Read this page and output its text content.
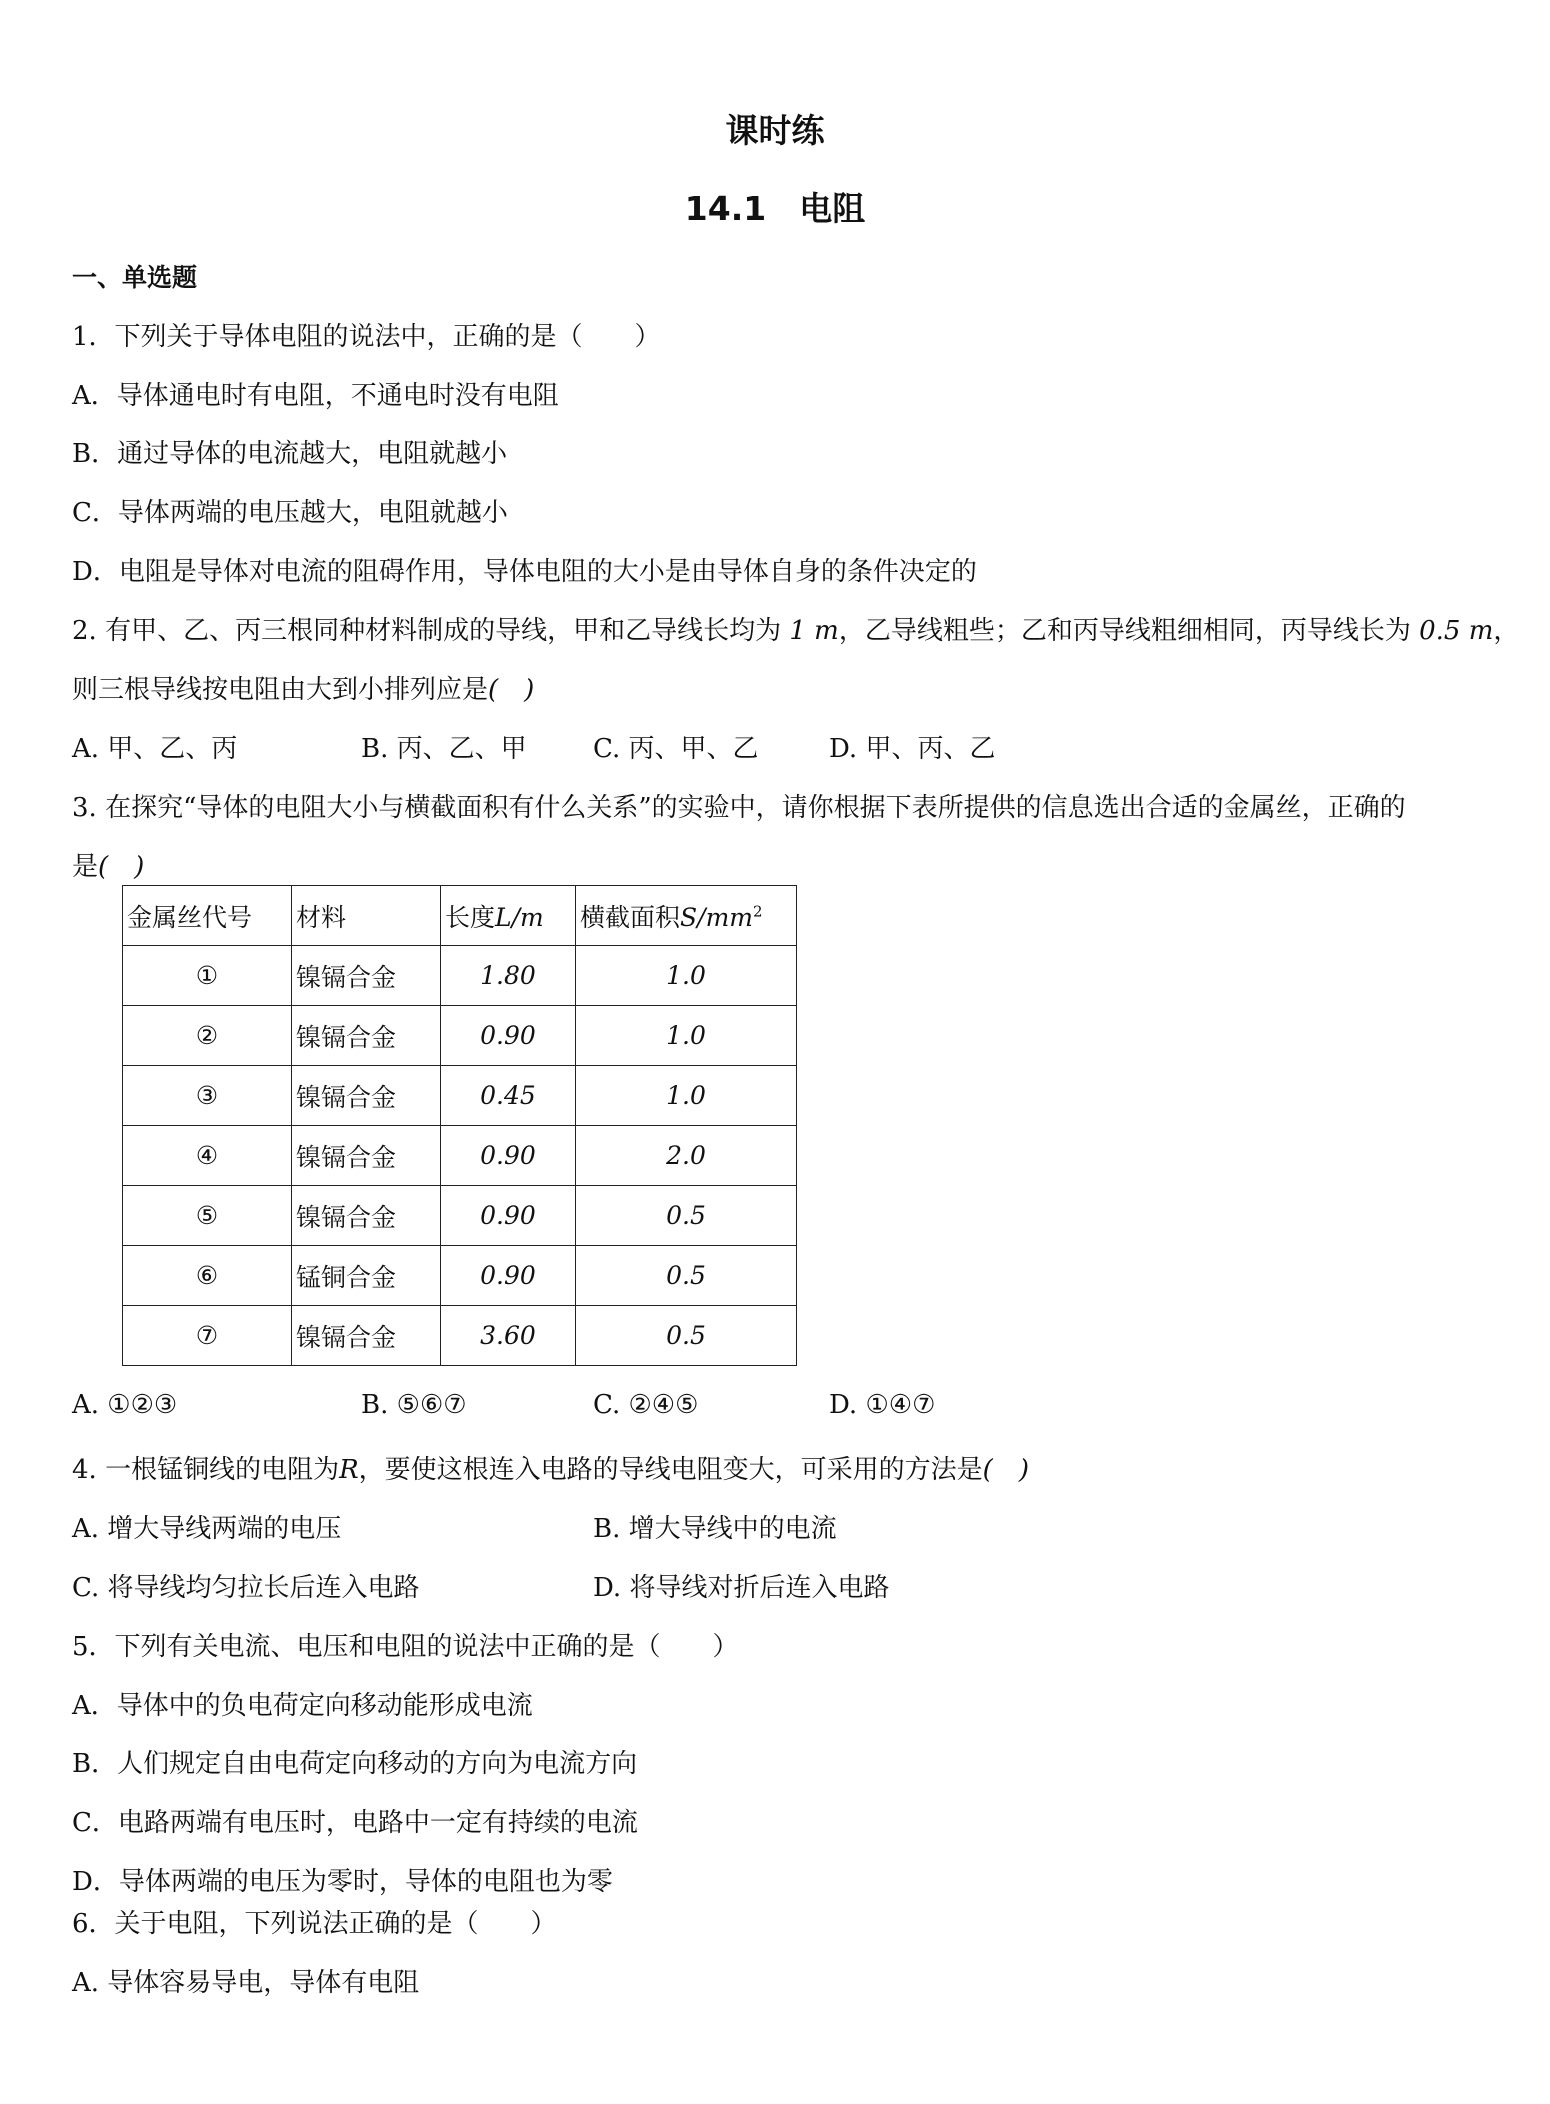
课时练
14.1　电阻
一、单选题
1．下列关于导体电阻的说法中，正确的是（　　）
A．导体通电时有电阻，不通电时没有电阻
B．通过导体的电流越大，电阻就越小
C．导体两端的电压越大，电阻就越小
D．电阻是导体对电流的阻碍作用，导体电阻的大小是由导体自身的条件决定的
2. 有甲、乙、丙三根同种材料制成的导线，甲和乙导线长均为 1 m，乙导线粗些；乙和丙导线粗细相同，丙导线长为 0.5 m，
则三根导线按电阻由大到小排列应是(　)
A. 甲、乙、丙	B. 丙、乙、甲	C. 丙、甲、乙	D. 甲、丙、乙
3. 在探究“导体的电阻大小与横截面积有什么关系”的实验中，请你根据下表所提供的信息选出合适的金属丝，正确的
是(　)
金属丝代号	材料	长度L/m	横截面积$S/mm^2$
①	镍镉合金	1.80	1.0
②	镍镉合金	0.90	1.0
③	镍镉合金	0.45	1.0
④	镍镉合金	0.90	2.0
⑤	镍镉合金	0.90	0.5
⑥	锰铜合金	0.90	0.5
⑦	镍镉合金	3.60	0.5
A. ①②③	B. ⑤⑥⑦	C. ②④⑤	D. ①④⑦
4. 一根锰铜线的电阻为R，要使这根连入电路的导线电阻变大，可采用的方法是(　)
A. 增大导线两端的电压	B. 增大导线中的电流
C. 将导线均匀拉长后连入电路	D. 将导线对折后连入电路
5．下列有关电流、电压和电阻的说法中正确的是（　　）
A．导体中的负电荷定向移动能形成电流
B．人们规定自由电荷定向移动的方向为电流方向
C．电路两端有电压时，电路中一定有持续的电流
D．导体两端的电压为零时，导体的电阻也为零
6．关于电阻，下列说法正确的是（　　）
A. 导体容易导电，导体有电阻
